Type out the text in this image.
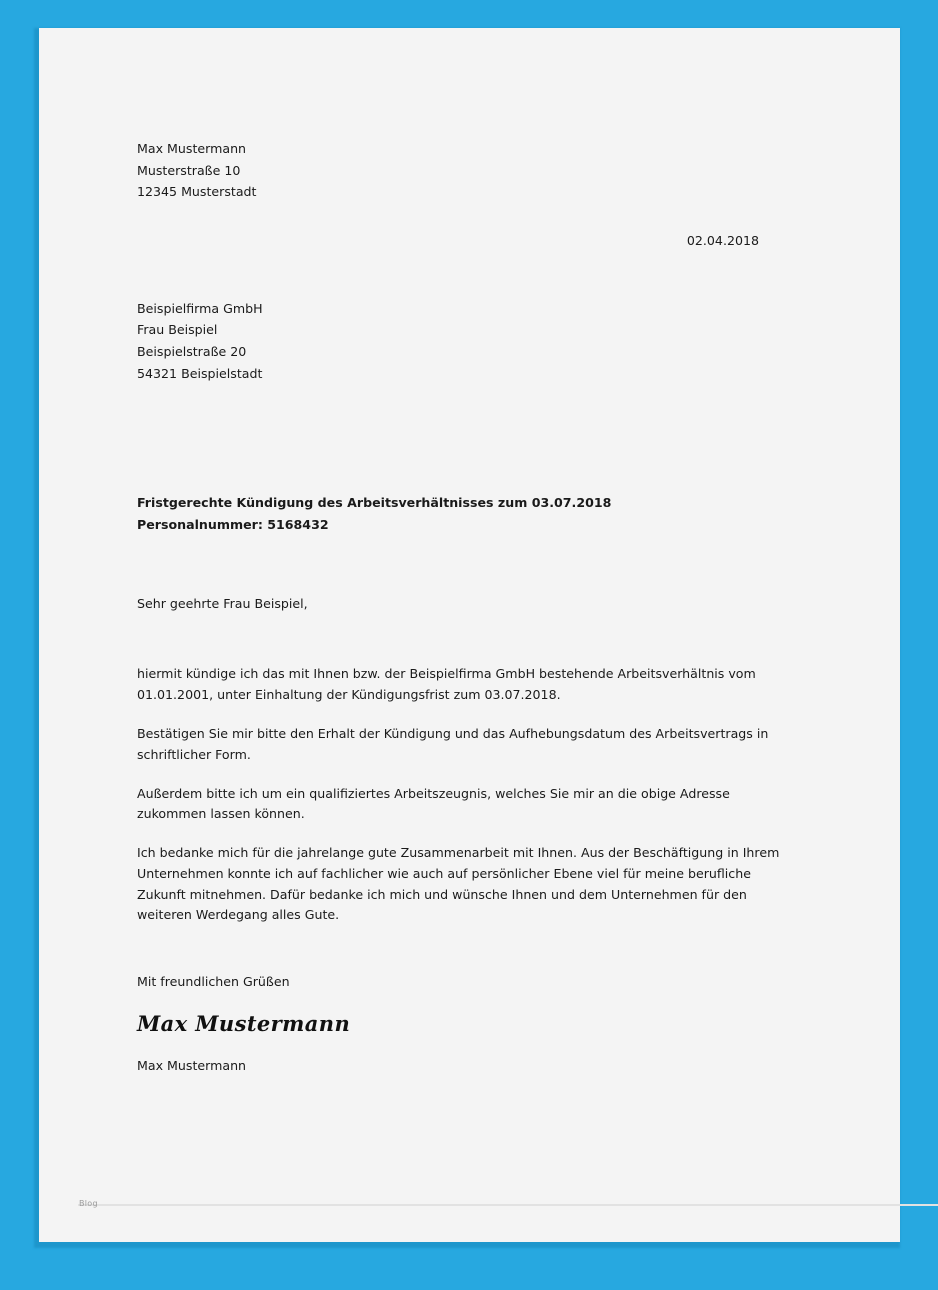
Max Mustermann
Musterstraße 10
12345 Musterstadt
02.04.2018
Beispielfirma GmbH
Frau Beispiel
Beispielstraße 20
54321 Beispielstadt
Fristgerechte Kündigung des Arbeitsverhältnisses zum 03.07.2018
Personalnummer: 5168432
Sehr geehrte Frau Beispiel,
hiermit kündige ich das mit Ihnen bzw. der Beispielfirma GmbH bestehende Arbeitsverhältnis vom 01.01.2001, unter Einhaltung der Kündigungsfrist zum 03.07.2018.
Bestätigen Sie mir bitte den Erhalt der Kündigung und das Aufhebungsdatum des Arbeitsvertrags in schriftlicher Form.
Außerdem bitte ich um ein qualifiziertes Arbeitszeugnis, welches Sie mir an die obige Adresse zukommen lassen können.
Ich bedanke mich für die jahrelange gute Zusammenarbeit mit Ihnen. Aus der Beschäftigung in Ihrem Unternehmen konnte ich auf fachlicher wie auch auf persönlicher Ebene viel für meine berufliche Zukunft mitnehmen. Dafür bedanke ich mich und wünsche Ihnen und dem Unternehmen für den weiteren Werdegang alles Gute.
Mit freundlichen Grüßen
Max Mustermann
Max Mustermann
Blog
